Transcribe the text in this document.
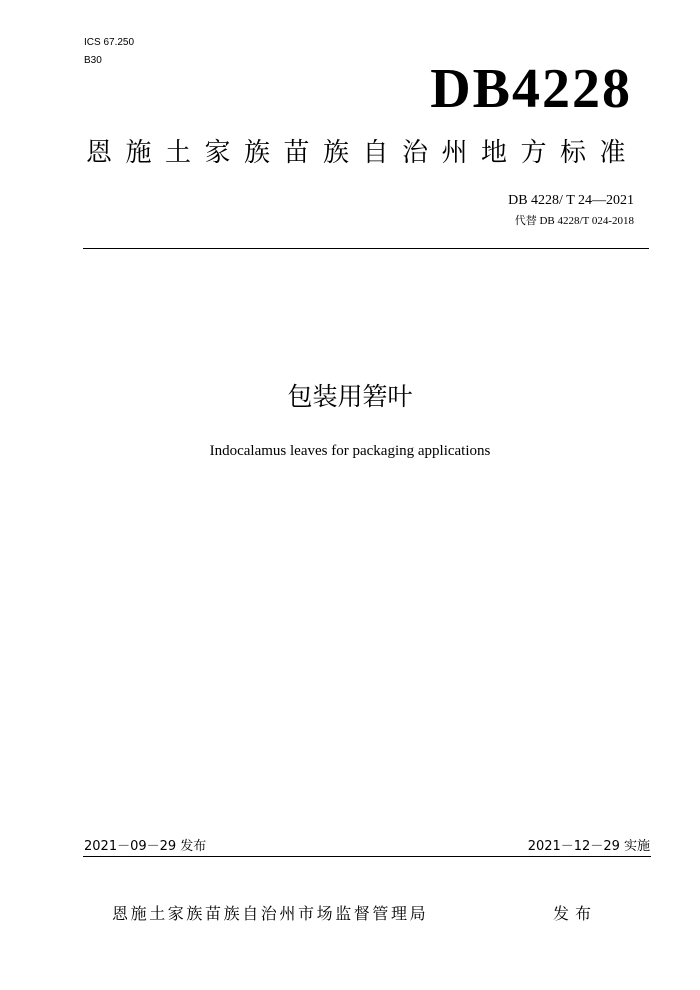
ICS 67.250
B30	DB4228
恩施土家族苗族自治州地方标准
DB 4228/ T 24—2021
代替 DB 4228/T 024-2018
包装用箬叶
Indocalamus leaves for packaging applications
2021－09－29 发布	2021－12－29 实施
恩施土家族苗族自治州市场监督管理局	发布
